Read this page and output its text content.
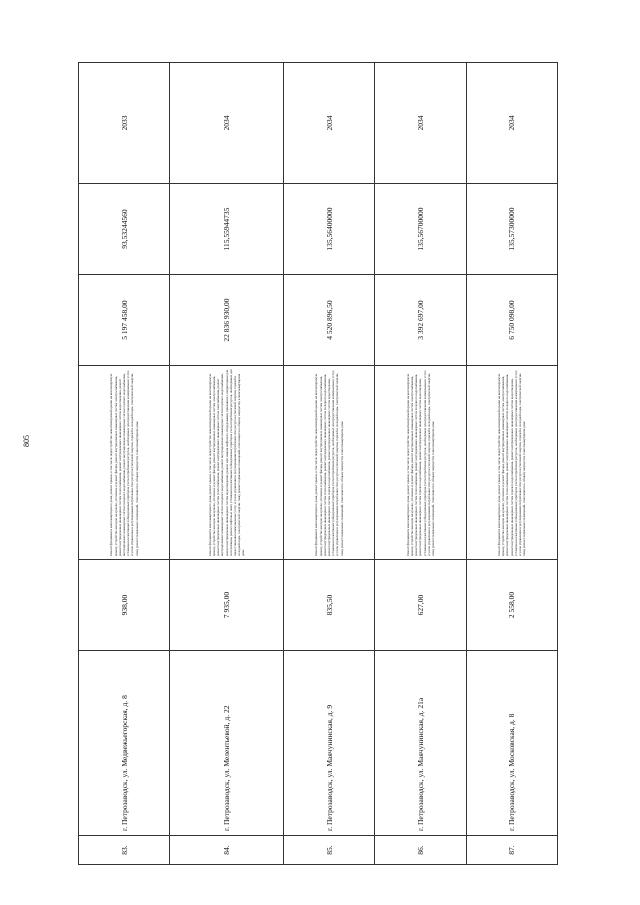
805
83.	г. Петрозаводск, ул. Медвежьегорская, д. 8	938,00	Ремонт фундамента многоквартирного дома, ремонт крыши, в том числе переустройство невентилируемой крыши на вентилируемую крышу, устройство выходов на кровлю, утепление и ремонт фасада, ремонт внутридомовых инженерных систем электроснабжения, ремонт внутридомовых инженерных систем теплоснабжения, ремонт внутридомовых инженерных систем водоотведения, ремонт внутридомовых инженерных систем холодного водоснабжения, ремонт внутридомовых инженерных систем горячего водоснабжения, установка коллективных (общедомовых) приборов учета потребления ресурсов, необходимых для предоставления коммунальных услуг, и узлов управления и регулирования потребления этих ресурсов (тепловой энергии, горячей и холодной воды, электрической энергии, газа), ремонт подвальных помещений, относящихся к общему имуществу в многоквартирном доме	5 197 458,00	93,53244560	2033
84.	г. Петрозаводск, ул. Мелентьевой, д. 22	7 935,00	Ремонт фундамента многоквартирного дома, ремонт крыши, в том числе переустройство невентилируемой крыши на вентилируемую крышу, устройство выходов на кровлю, утепление и ремонт фасада, ремонт внутридомовых инженерных систем электроснабжения, ремонт внутридомовых инженерных систем теплоснабжения, ремонт внутридомовых инженерных систем газоснабжения, ремонт внутридомовых инженерных систем холодного водоснабжения, ремонт внутридомовых инженерных систем горячего водоснабжения, ремонт внутридомовых инженерных систем водоотведения, ремонт или замена лифтового оборудования, признанного непригодным для эксплуатации, ремонт лифтовых шахт, установка коллективных (общедомовых) приборов учета потребления ресурсов, необходимых для предоставления коммунальных услуг, и узлов управления и регулирования потребления этих ресурсов (тепловой энергии, горячей и холодной воды, электрической энергии, газа), ремонт подвальных помещений, относящихся к общему имуществу в многоквартирном доме	22 836 930,00	115,55944735	2034
85.	г. Петрозаводск, ул. Маячунинская, д. 9	835,50	Ремонт фундамента многоквартирного дома, ремонт крыши, в том числе переустройство невентилируемой крыши на вентилируемую крышу, устройство выходов на кровлю, утепление и ремонт фасада, ремонт внутридомовых инженерных систем электроснабжения, ремонт внутридомовых инженерных систем теплоснабжения, ремонт внутридомовых инженерных систем холодного водоснабжения, ремонт внутридомовых инженерных систем горячего водоснабжения, ремонт внутридомовых инженерных систем водоотведения, установка коллективных (общедомовых) приборов учета потребления ресурсов, необходимых для предоставления коммунальных услуг, и узлов управления и регулирования потребления этих ресурсов (тепловой энергии, горячей и холодной воды, электрической энергии, газа), ремонт подвальных помещений, относящихся к общему имуществу в многоквартирном доме	4 520 896,50	135,56400000	2034
86.	г. Петрозаводск, ул. Маячунинская, д. 21а	627,00	Ремонт фундамента многоквартирного дома, ремонт крыши, в том числе переустройство невентилируемой крыши на вентилируемую крышу, устройство выходов на кровлю, утепление и ремонт фасада, ремонт внутридомовых инженерных систем электроснабжения, ремонт внутридомовых инженерных систем теплоснабжения, ремонт внутридомовых инженерных систем холодного водоснабжения, ремонт внутридомовых инженерных систем горячего водоснабжения, ремонт внутридомовых инженерных систем водоотведения, установка коллективных (общедомовых) приборов учета потребления ресурсов, необходимых для предоставления коммунальных услуг, и узлов управления и регулирования потребления этих ресурсов (тепловой энергии, горячей и холодной воды, электрической энергии, газа), ремонт подвальных помещений, относящихся к общему имуществу в многоквартирном доме	3 392 697,00	135,56700000	2034
87.	г. Петрозаводск, ул. Московская, д. 8	2 558,00	Ремонт фундамента многоквартирного дома, ремонт крыши, в том числе переустройство невентилируемой крыши на вентилируемую крышу, устройство выходов на кровлю, утепление и ремонт фасада, ремонт внутридомовых инженерных систем электроснабжения, ремонт внутридомовых инженерных систем теплоснабжения, ремонт внутридомовых инженерных систем холодного водоснабжения, ремонт внутридомовых инженерных систем горячего водоснабжения, ремонт внутридомовых инженерных систем водоотведения, установка коллективных (общедомовых) приборов учета потребления ресурсов, необходимых для предоставления коммунальных услуг, и узлов управления и регулирования потребления этих ресурсов (тепловой энергии, горячей и холодной воды, электрической энергии, газа), ремонт подвальных помещений, относящихся к общему имуществу в многоквартирном доме	6 750 098,00	135,57300000	2034
